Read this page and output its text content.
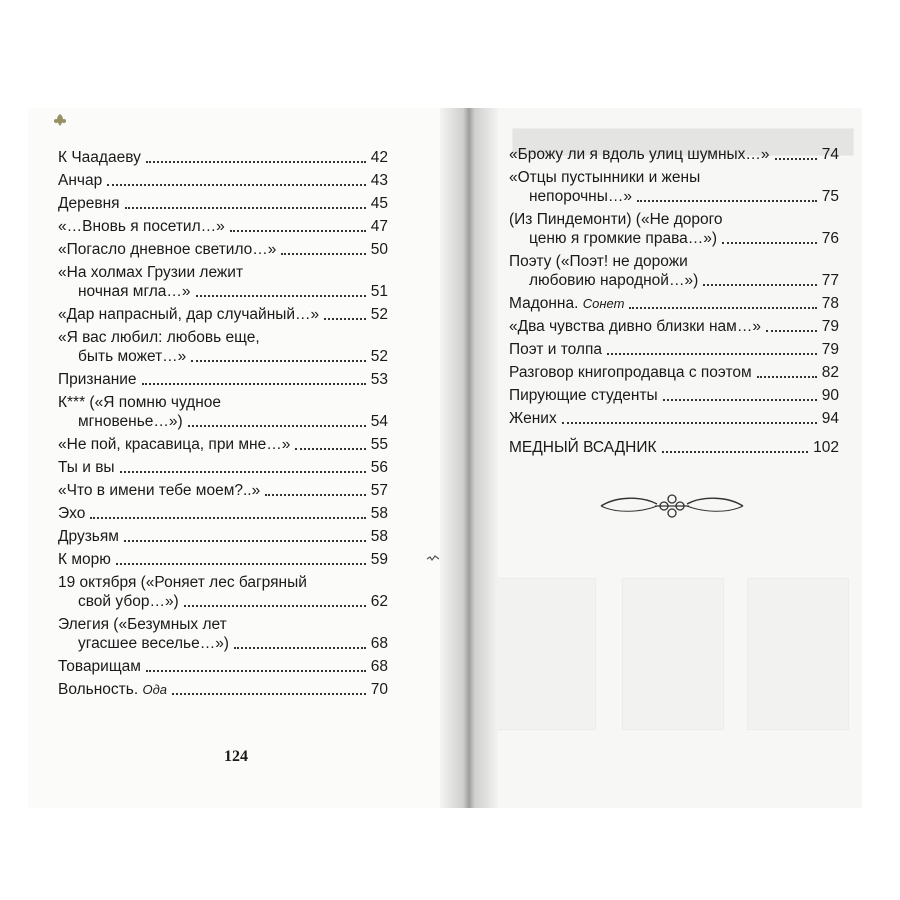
К Чаадаеву	42
Анчар	43
Деревня	45
«…Вновь я посетил…»	47
«Погасло дневное светило…»	50
«На холмах Грузии лежит
ночная мгла…»	51
«Дар напрасный, дар случайный…»	52
«Я вас любил: любовь еще,
быть может…»	52
Признание	53
К*** («Я помню чудное
мгновенье…»)	54
«Не пой, красавица, при мне…»	55
Ты и вы	56
«Что в имени тебе моем?..»	57
Эхо	58
Друзьям	58
К морю	59
19 октября («Роняет лес багряный
свой убор…»)	62
Элегия («Безумных лет
угасшее веселье…»)	68
Товарищам	68
Вольность. Ода	70
124
«Брожу ли я вдоль улиц шумных…»	74
«Отцы пустынники и жены
непорочны…»	75
(Из Пиндемонти) («Не дорого
ценю я громкие права…»)	76
Поэту («Поэт! не дорожи
любовию народной…»)	77
Мадонна. Сонет	78
«Два чувства дивно близки нам…»	79
Поэт и толпа	79
Разговор книгопродавца с поэтом	82
Пирующие студенты	90
Жених	94
МЕДНЫЙ ВСАДНИК	102
